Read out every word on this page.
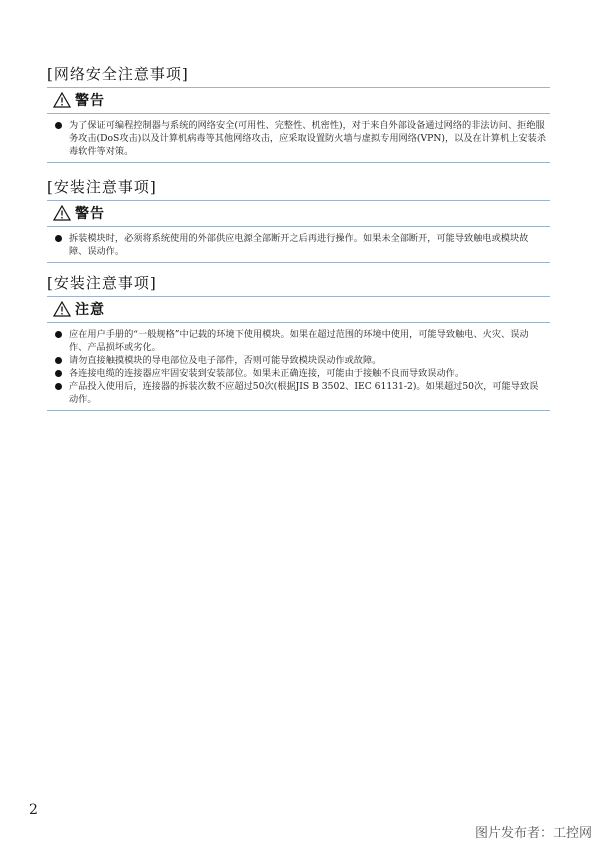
[网络安全注意事项]
警告
为了保证可编程控制器与系统的网络安全(可用性、完整性、机密性)，对于来自外部设备通过网络的非法访问、拒绝服务攻击(DoS攻击)以及计算机病毒等其他网络攻击，应采取设置防火墙与虚拟专用网络(VPN)，以及在计算机上安装杀毒软件等对策。
[安装注意事项]
警告
拆装模块时，必须将系统使用的外部供应电源全部断开之后再进行操作。如果未全部断开，可能导致触电或模块故障、误动作。
[安装注意事项]
注意
应在用户手册的“一般规格”中记载的环境下使用模块。如果在超过范围的环境中使用，可能导致触电、火灾、误动作、产品损坏或劣化。
请勿直接触摸模块的导电部位及电子部件，否则可能导致模块误动作或故障。
各连接电缆的连接器应牢固安装到安装部位。如果未正确连接，可能由于接触不良而导致误动作。
产品投入使用后，连接器的拆装次数不应超过50次(根据JIS B 3502、IEC 61131-2)。如果超过50次，可能导致误动作。
2
图片发布者：工控网
